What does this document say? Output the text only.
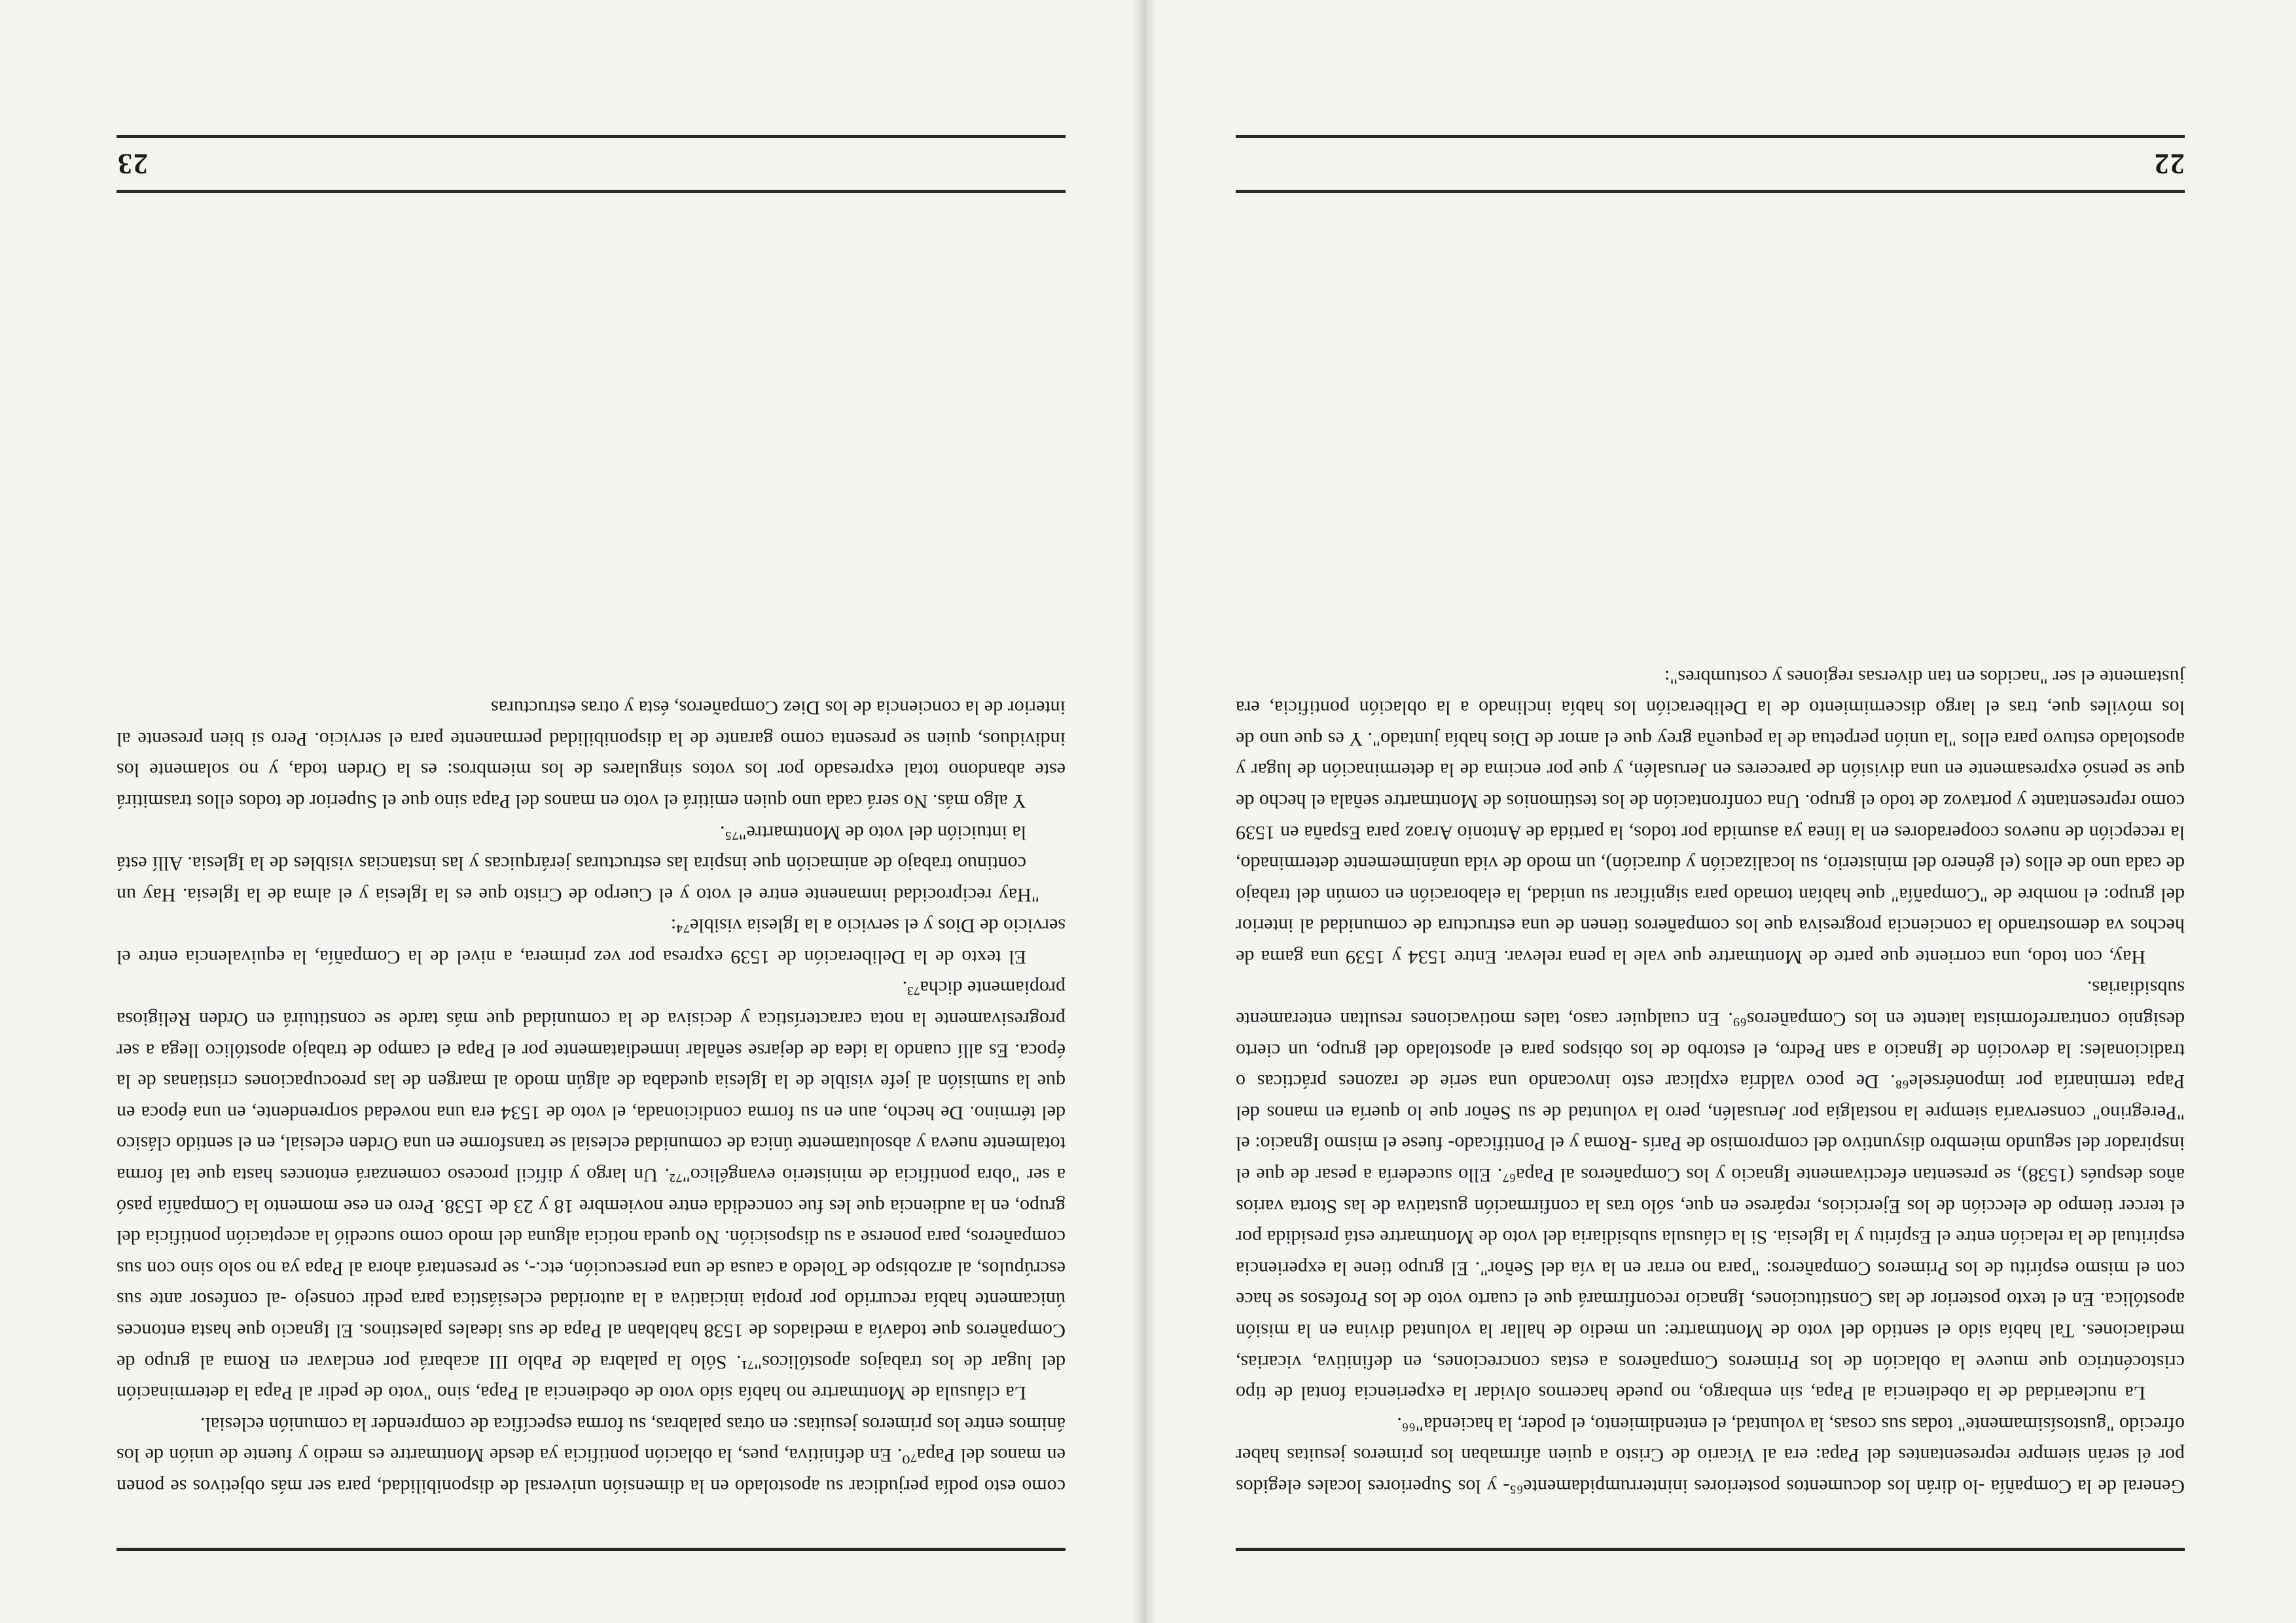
General de la Compañía -lo dirán los documentos posteriores ininterrumpidamente⁶⁵- y los Superiores locales elegidos por él serán siempre representantes del Papa: era al Vicario de Cristo a quien afirmaban los primeros jesuitas haber ofrecido "gustosísimamente" todas sus cosas, la voluntad, el entendimiento, el poder, la hacienda"⁶⁶.

La nuclearidad de la obediencia al Papa, sin embargo, no puede hacernos olvidar la experiencia fontal de tipo cristocéntrico que mueve la oblación de los Primeros Compañeros a estas concreciones, en definitiva, vicarias, mediaciones. Tal había sido el sentido del voto de Montmartre: un medio de hallar la voluntad divina en la misión apostólica. En el texto posterior de las Constituciones, Ignacio reconfirmará que el cuarto voto de los Profesos se hace con el mismo espíritu de los Primeros Compañeros: "para no errar en la vía del Señor". El grupo tiene la experiencia espiritual de la relación entre el Espíritu y la Iglesia. Si la cláusula subsidiaria del voto de Montmartre está presidida por el tercer tiempo de elección de los Ejercicios, repárese en que, sólo tras la confirmación gustativa de las Storta varios años después (1538), se presentan efectivamente Ignacio y los Compañeros al Papa⁶⁷. Ello sucedería a pesar de que el inspirador del segundo miembro disyuntivo del compromiso de París -Roma y el Pontificado- fuese el mismo Ignacio: el "Peregrino" conservaría siempre la nostalgia por Jerusalén, pero la voluntad de su Señor que lo quería en manos del Papa terminaría por imponérsele⁶⁸. De poco valdría explicar esto invocando una serie de razones prácticas o tradicionales: la devoción de Ignacio a san Pedro, el estorbo de los obispos para el apostolado del grupo, un cierto designio contrarreformista latente en los Compañeros⁶⁹. En cualquier caso, tales motivaciones resultan enteramente subsidiarias.

Hay, con todo, una corriente que parte de Montmartre que vale la pena relevar. Entre 1534 y 1539 una gama de hechos va demostrando la conciencia progresiva que los compañeros tienen de una estructura de comunidad al interior del grupo: el nombre de "Compañía" que habían tomado para significar su unidad, la elaboración en común del trabajo de cada uno de ellos (el género del ministerio, su localización y duración), un modo de vida unánimemente determinado, la recepción de nuevos cooperadores en la línea ya asumida por todos, la partida de Antonio Araoz para España en 1539 como representante y portavoz de todo el grupo. Una confrontación de los testimonios de Montmartre señala el hecho de que se pensó expresamente en una división de pareceres en Jerusalén, y que por encima de la determinación de lugar y apostolado estuvo para ellos "la unión perpetua de la pequeña grey que el amor de Dios había juntado". Y es que uno de los móviles que, tras el largo discernimiento de la Deliberación los había inclinado a la oblación pontificia, era justamente el ser "nacidos en tan diversas regiones y costumbres":

22

como esto podía perjudicar su apostolado en la dimensión universal de disponibilidad, para ser más objetivos se ponen en manos del Papa⁷⁰. En definitiva, pues, la oblación pontificia ya desde Montmartre es medio y fuente de unión de los ánimos entre los primeros jesuitas: en otras palabras, su forma específica de comprender la comunión eclesial.

La cláusula de Montmartre no había sido voto de obediencia al Papa, sino "voto de pedir al Papa la determinación del lugar de los trabajos apostólicos"⁷¹. Sólo la palabra de Pablo III acabará por enclavar en Roma al grupo de Compañeros que todavía a mediados de 1538 hablaban al Papa de sus ideales palestinos. El Ignacio que hasta entonces únicamente había recurrido por propia iniciativa a la autoridad eclesiástica para pedir consejo -al confesor ante sus escrúpulos, al arzobispo de Toledo a causa de una persecución, etc.-, se presentará ahora al Papa ya no solo sino con sus compañeros, para ponerse a su disposición. No queda noticia alguna del modo como sucedió la aceptación pontificia del grupo, en la audiencia que les fue concedida entre noviembre 18 y 23 de 1538. Pero en ese momento la Compañía pasó a ser "obra pontificia de ministerio evangélico"⁷². Un largo y difícil proceso comenzará entonces hasta que tal forma totalmente nueva y absolutamente única de comunidad eclesial se transforme en una Orden eclesial, en el sentido clásico del término. De hecho, aun en su forma condicionada, el voto de 1534 era una novedad sorprendente, en una época en que la sumisión al jefe visible de la Iglesia quedaba de algún modo al margen de las preocupaciones cristianas de la época. Es allí cuando la idea de dejarse señalar inmediatamente por el Papa el campo de trabajo apostólico llega a ser progresivamente la nota característica y decisiva de la comunidad que más tarde se constituirá en Orden Religiosa propiamente dicha⁷³.

El texto de la Deliberación de 1539 expresa por vez primera, a nivel de la Compañía, la equivalencia entre el servicio de Dios y el servicio a la Iglesia visible⁷⁴:

"Hay reciprocidad inmanente entre el voto y el Cuerpo de Cristo que es la Iglesia y el alma de la Iglesia. Hay un continuo trabajo de animación que inspira las estructuras jerárquicas y las instancias visibles de la Iglesia. Allí está la intuición del voto de Montmartre"⁷⁵.

Y algo más. No será cada uno quien emitirá el voto en manos del Papa sino que el Superior de todos ellos trasmitirá este abandono total expresado por los votos singulares de los miembros: es la Orden toda, y no solamente los individuos, quien se presenta como garante de la disponibilidad permanente para el servicio. Pero si bien presente al interior de la conciencia de los Diez Compañeros, ésta y otras estructuras

23
